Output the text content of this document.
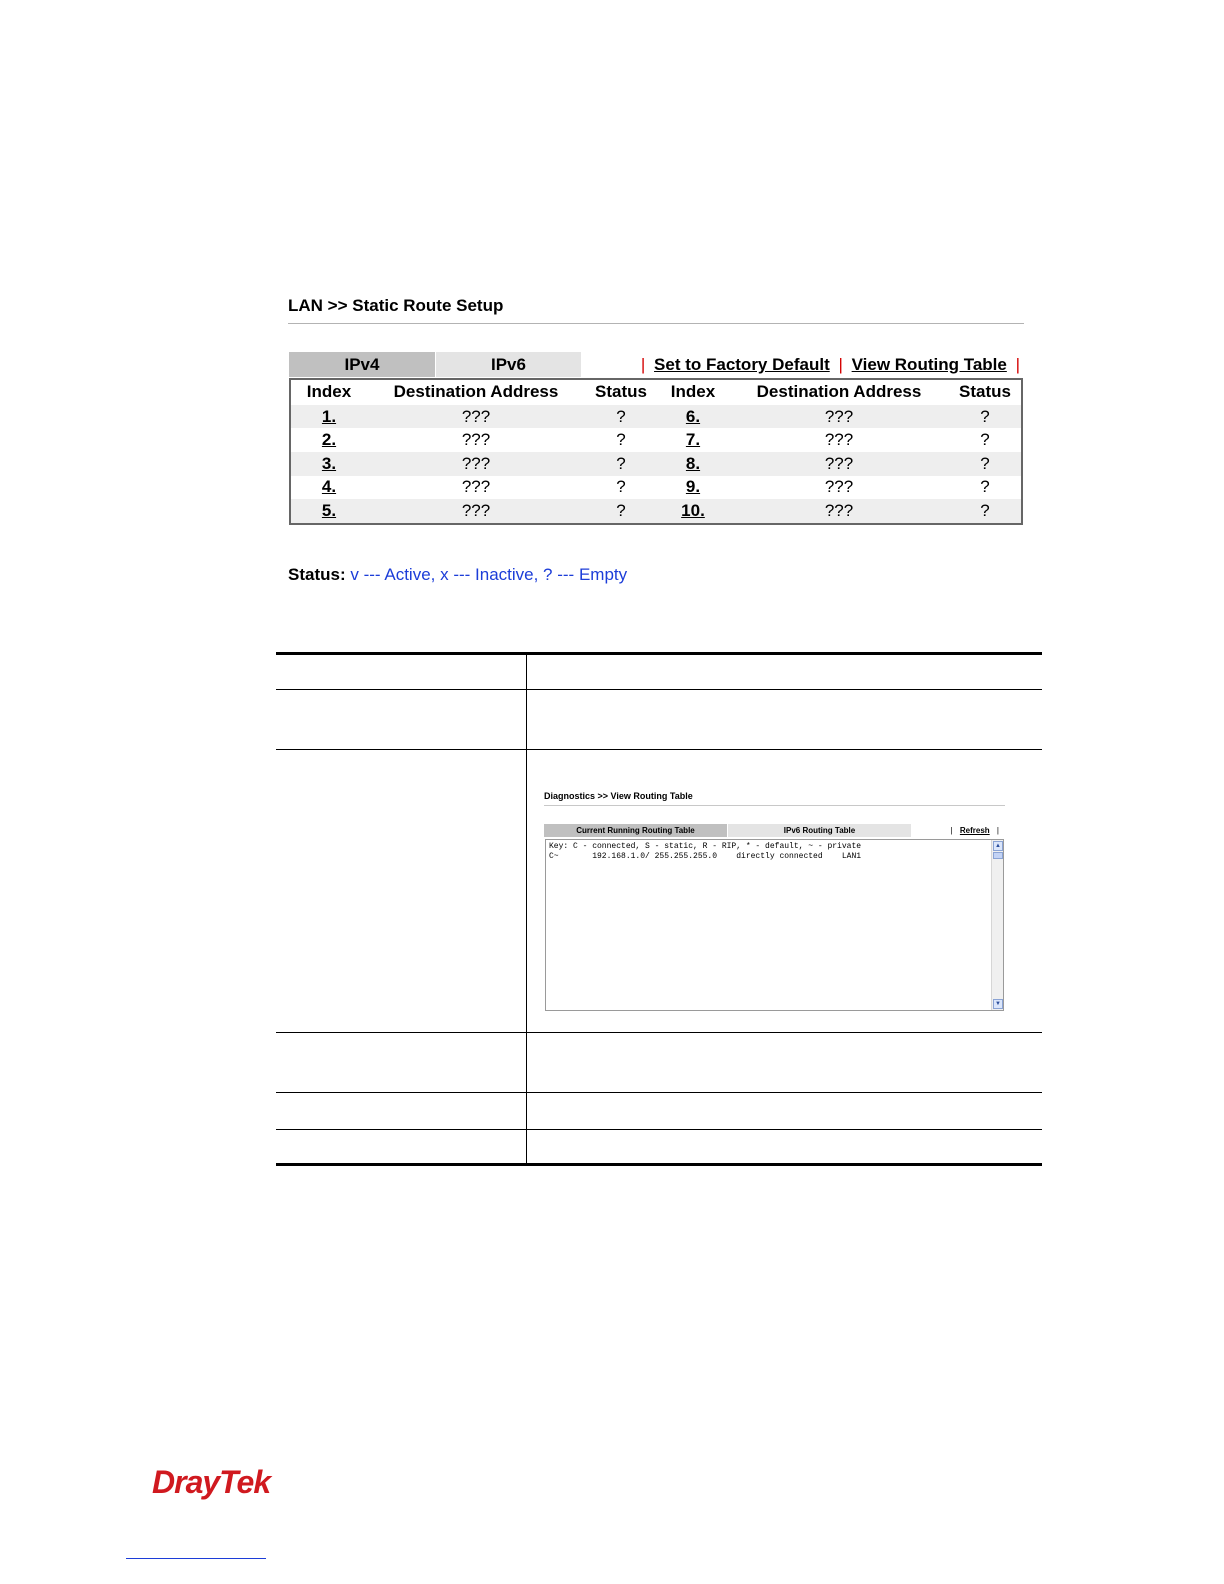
LAN >> Static Route Setup
IPv4	IPv6	| Set to Factory Default | View Routing Table |
Index	Destination Address	Status	Index	Destination Address	Status
1.	???	?	6.	???	?
2.	???	?	7.	???	?
3.	???	?	8.	???	?
4.	???	?	9.	???	?
5.	???	?	10.	???	?
Status: v --- Active, x --- Inactive, ? --- Empty
Diagnostics >> View Routing Table
Current Running Routing Table	IPv6 Routing Table	| Refresh |
Key: C - connected, S - static, R - RIP, * - default, ~ - private
C~       192.168.1.0/ 255.255.255.0    directly connected    LAN1
▲
▼
DrayTek
